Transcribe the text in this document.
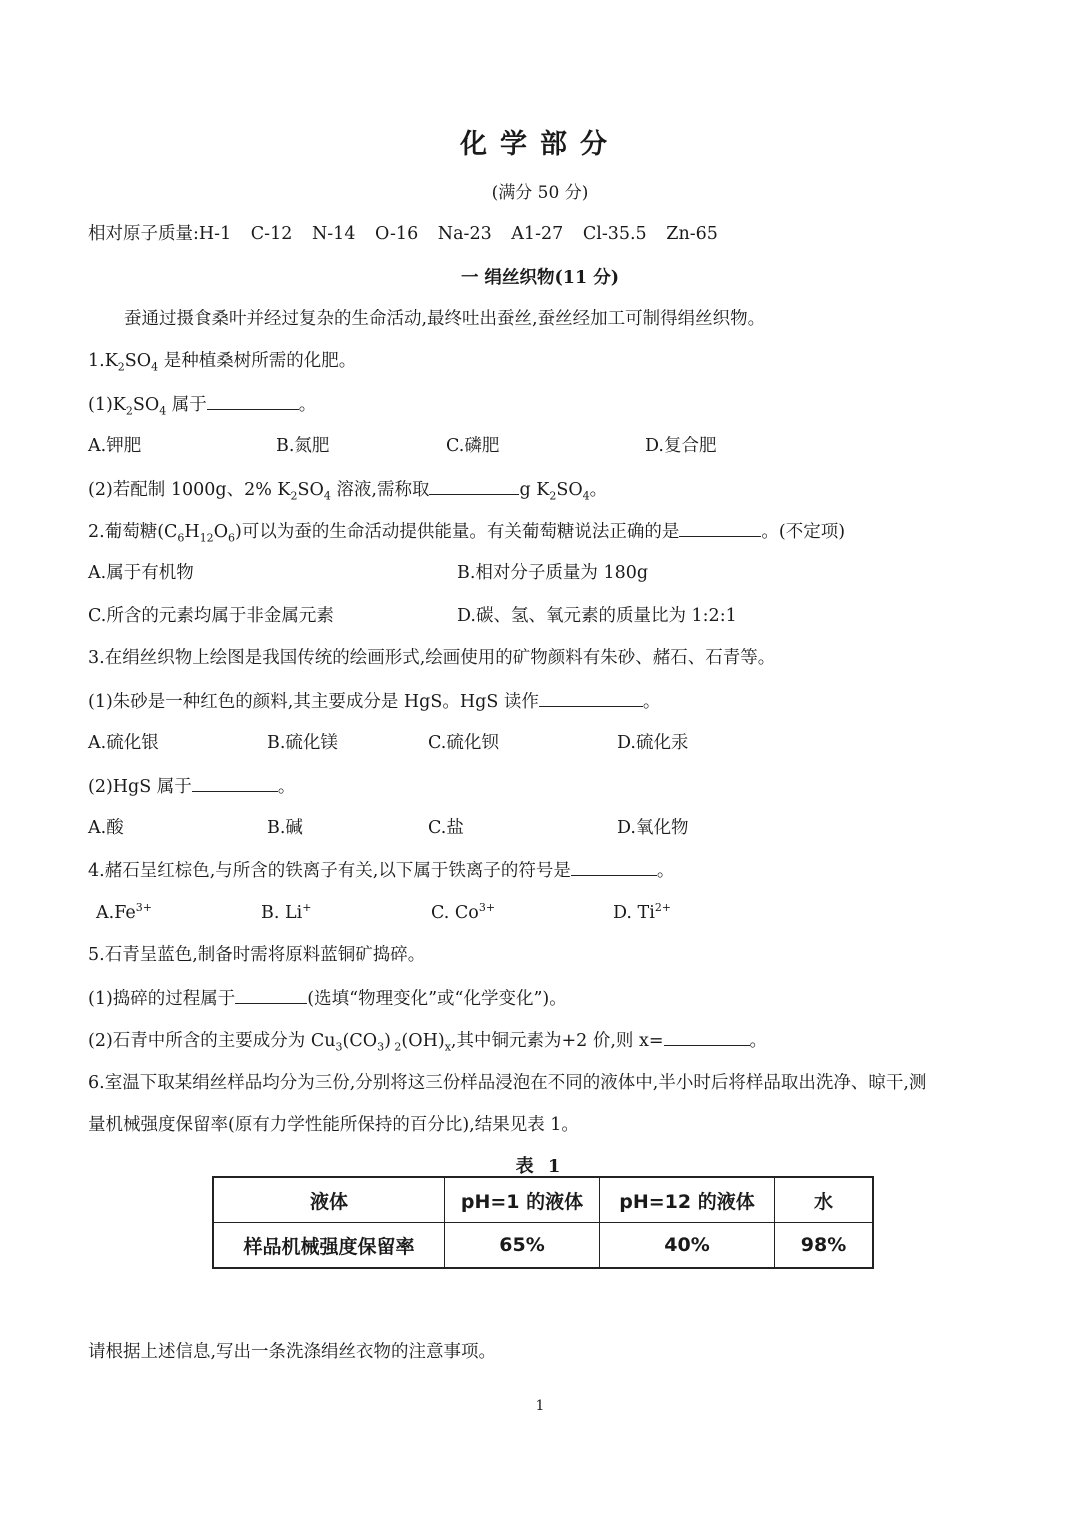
化学部分
(满分 50 分)
相对原子质量:H-1 C-12 N-14 O-16 Na-23 A1-27 Cl-35.5 Zn-65
一 绢丝织物(11 分)
蚕通过摄食桑叶并经过复杂的生命活动,最终吐出蚕丝,蚕丝经加工可制得绢丝织物。
$1.K_2SO_4$ 是种植桑树所需的化肥。
$(1)K_2SO_4$ 属于	。
A.钾肥	B.氮肥	C.磷肥	D.复合肥
(2)若配制 1000g、2% $K_2SO_4$ 溶液,需称取	g $K_2SO_4$。
2.葡萄糖$(C_6H_{12}O_6)$可以为蚕的生命活动提供能量。有关葡萄糖说法正确的是	。(不定项)
A.属于有机物	B.相对分子质量为 180g
C.所含的元素均属于非金属元素	D.碳、氢、氧元素的质量比为 1:2:1
3.在绢丝织物上绘图是我国传统的绘画形式,绘画使用的矿物颜料有朱砂、赭石、石青等。
(1)朱砂是一种红色的颜料,其主要成分是 HgS。HgS 读作	。
A.硫化银	B.硫化镁	C.硫化钡	D.硫化汞
(2)HgS 属于	。
A.酸	B.碱	C.盐	D.氧化物
4.赭石呈红棕色,与所含的铁离子有关,以下属于铁离子的符号是	。
$A.Fe^{3+}$	B. Li+	C. $Co^{3+}$	D. $Ti^{2+}$
5.石青呈蓝色,制备时需将原料蓝铜矿捣碎。
(1)捣碎的过程属于	(选填“物理变化”或“化学变化”)。
(2)石青中所含的主要成分为 $Cu_3(CO_3)$ $_2(OH)_x$,其中铜元素为+2 价,则 x=	。
6.室温下取某绢丝样品均分为三份,分别将这三份样品浸泡在不同的液体中,半小时后将样品取出洗净、晾干,测
量机械强度保留率(原有力学性能所保持的百分比),结果见表 1。
表 1
液体	pH=1 的液体	pH=12 的液体	水
样品机械强度保留率	65%	40%	98%
请根据上述信息,写出一条洗涤绢丝衣物的注意事项。
1
